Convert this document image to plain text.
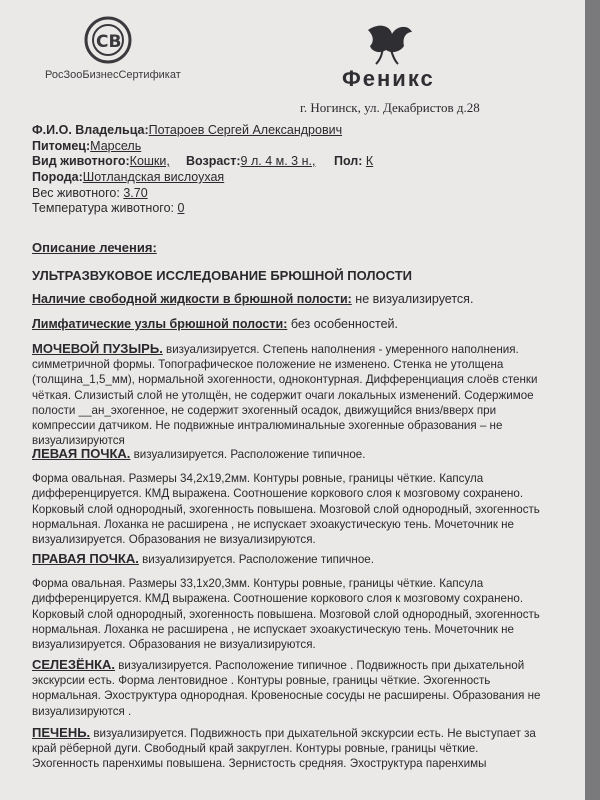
CB
РосЗооБизнесСертификат	Феникс
г. Ногинск, ул. Декабристов д.28
Ф.И.О. Владельца:Потароев Сергей Александрович
Питомец:Марсель
Вид животного:Кошки, Возраст:9 л. 4 м. 3 н., Пол: К
Порода:Шотландская вислоухая
Вес животного: 3.70
Температура животного: 0
Описание лечения:
УЛЬТРАЗВУКОВОЕ ИССЛЕДОВАНИЕ БРЮШНОЙ ПОЛОСТИ
Наличие свободной жидкости в брюшной полости: не визуализируется.
Лимфатические узлы брюшной полости: без особенностей.
МОЧЕВОЙ ПУЗЫРЬ. визуализируется. Степень наполнения - умеренного наполнения.
симметричной формы. Топографическое положение не изменено. Стенка не утолщена
(толщина_1,5_мм), нормальной эхогенности, одноконтурная. Дифференциация слоёв стенки
чёткая. Слизистый слой не утолщён, не содержит очаги локальных изменений. Содержимое
полости __ан_эхогенное, не содержит эхогенный осадок, движущийся вниз/вверх при
компрессии датчиком. Не подвижные интралюминальные эхогенные образования – не
визуализируются
ЛЕВАЯ ПОЧКА. визуализируется. Расположение типичное.
Форма овальная. Размеры 34,2х19,2мм. Контуры ровные, границы чёткие. Капсула
дифференцируется. КМД выражена. Соотношение коркового слоя к мозговому сохранено.
Корковый слой однородный, эхогенность повышена. Мозговой слой однородный, эхогенность
нормальная. Лоханка не расширена , не испускает эхоакустическую тень. Мочеточник не
визуализируется. Образования не визуализируются.
ПРАВАЯ ПОЧКА. визуализируется. Расположение типичное.
Форма овальная. Размеры 33,1х20,3мм. Контуры ровные, границы чёткие. Капсула
дифференцируется. КМД выражена. Соотношение коркового слоя к мозговому сохранено.
Корковый слой однородный, эхогенность повышена. Мозговой слой однородный, эхогенность
нормальная. Лоханка не расширена , не испускает эхоакустическую тень. Мочеточник не
визуализируется. Образования не визуализируются.
СЕЛЕЗЁНКА. визуализируется. Расположение типичное . Подвижность при дыхательной
экскурсии есть. Форма лентовидное . Контуры ровные, границы чёткие. Эхогенность
нормальная. Эхоструктура однородная. Кровеносные сосуды не расширены. Образования не
визуализируются .
ПЕЧЕНЬ. визуализируется. Подвижность при дыхательной экскурсии есть. Не выступает за
край рёберной дуги. Свободный край закруглен. Контуры ровные, границы чёткие.
Эхогенность паренхимы повышена. Зернистость средняя. Эхоструктура паренхимы
